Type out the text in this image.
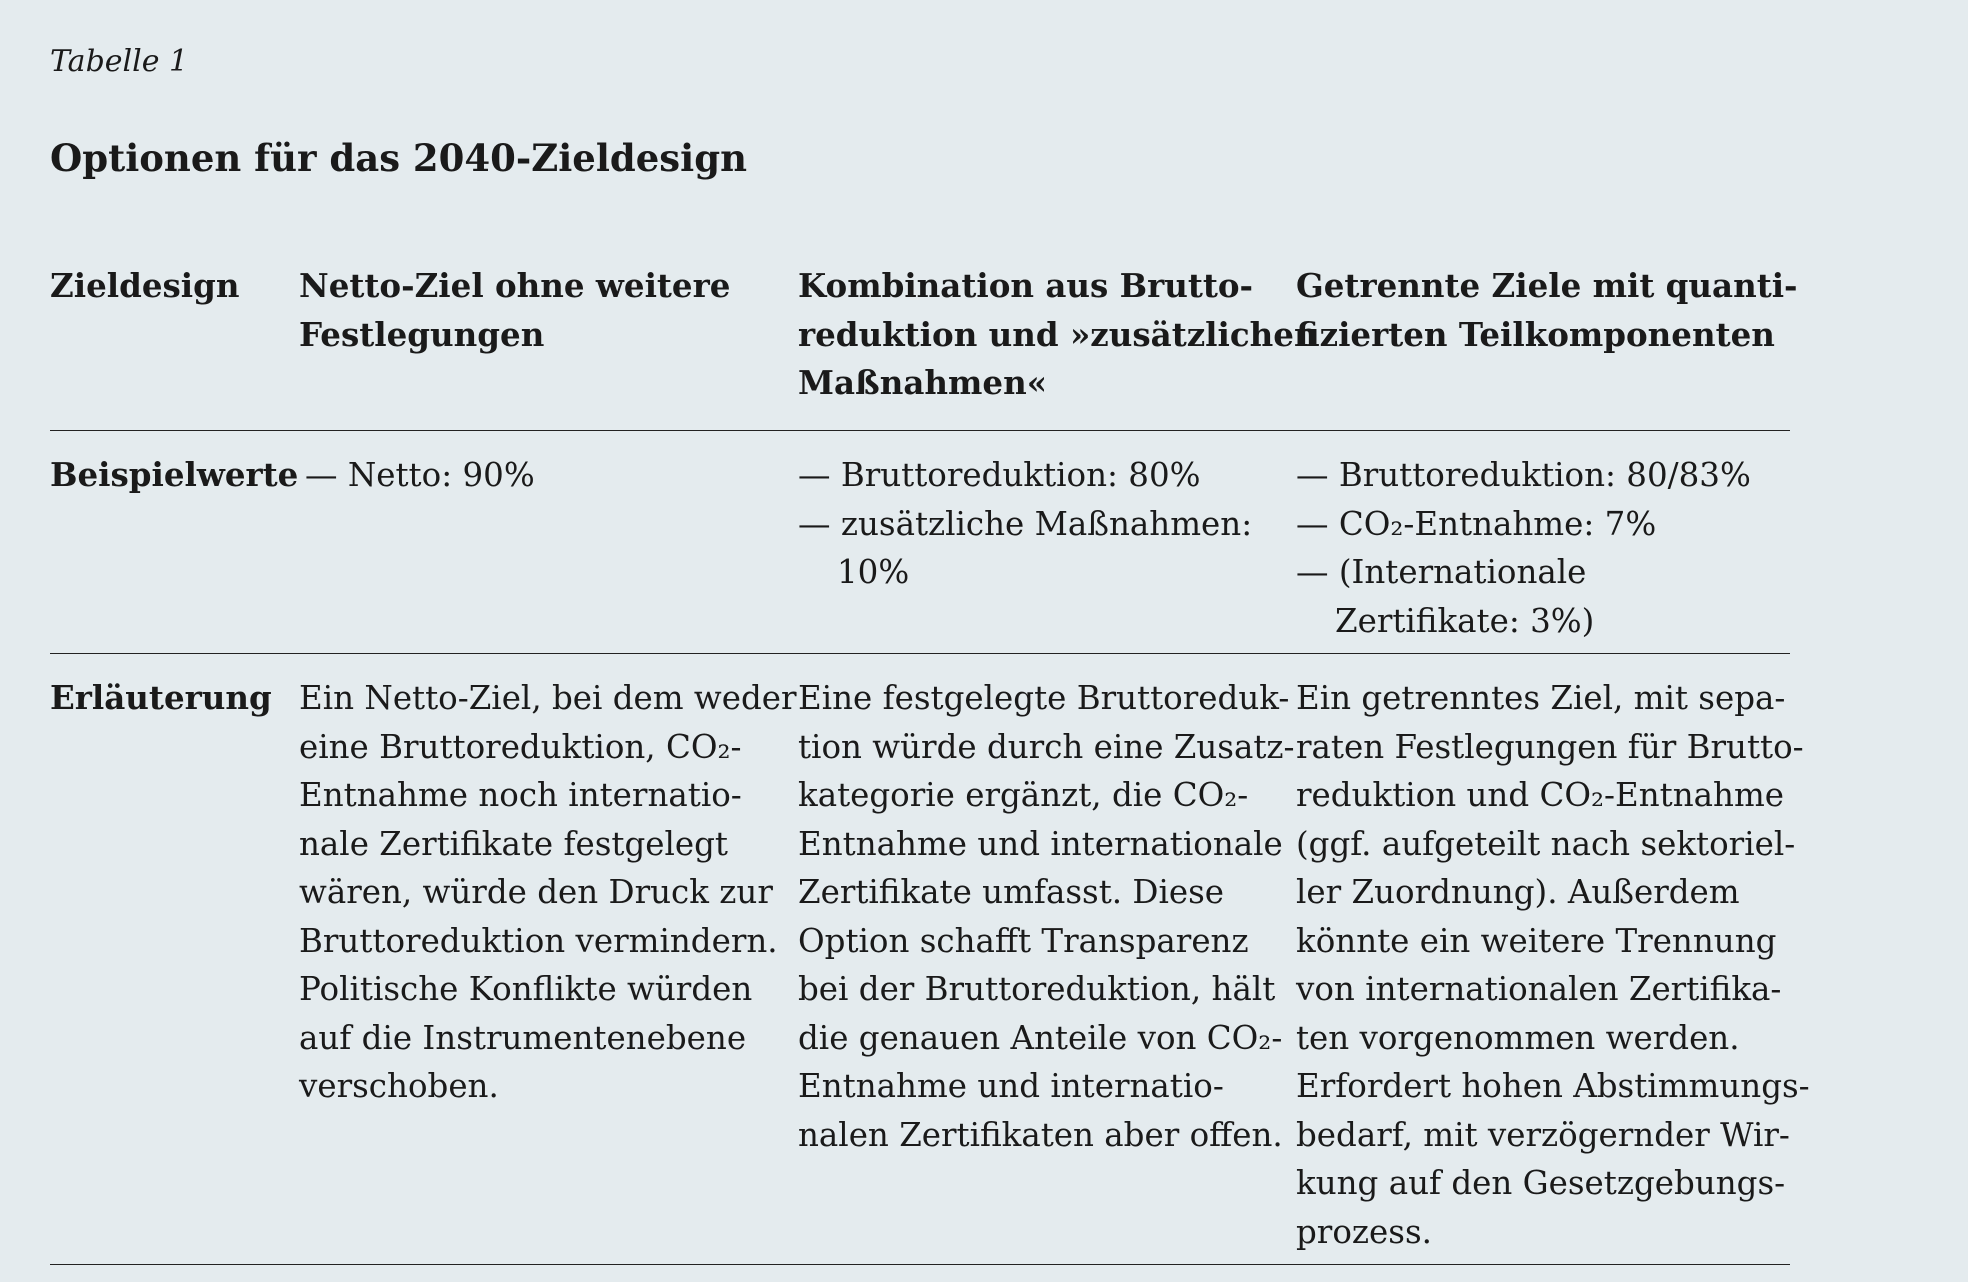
Tabelle 1
Optionen für das 2040-Zieldesign
Zieldesign	Netto-Ziel ohne weitere
Festlegungen
Kombination aus Brutto-
reduktion und »zusätzlichen
Maßnahmen«
Getrennte Ziele mit quanti-
fizierten Teilkomponenten
Beispielwerte — Netto: 90%	— Bruttoreduktion: 80%
— zusätzliche Maßnahmen:
10%
— Bruttoreduktion: 80/83%
— CO₂-Entnahme: 7%
— (Internationale
Zertifikate: 3%)
Erläuterung Ein Netto-Ziel, bei dem weder
eine Bruttoreduktion, CO₂-
Entnahme noch internatio-
nale Zertifikate festgelegt
wären, würde den Druck zur
Bruttoreduktion vermindern.
Politische Konflikte würden
auf die Instrumentenebene
verschoben.
Eine festgelegte Bruttoreduk-
tion würde durch eine Zusatz-
kategorie ergänzt, die CO₂-
Entnahme und internationale
Zertifikate umfasst. Diese
Option schafft Transparenz
bei der Bruttoreduktion, hält
die genauen Anteile von CO₂-
Entnahme und internatio-
nalen Zertifikaten aber offen.
Ein getrenntes Ziel, mit sepa-
raten Festlegungen für Brutto-
reduktion und CO₂-Entnahme
(ggf. aufgeteilt nach sektoriel-
ler Zuordnung). Außerdem
könnte ein weitere Trennung
von internationalen Zertifika-
ten vorgenommen werden.
Erfordert hohen Abstimmungs-
bedarf, mit verzögernder Wir-
kung auf den Gesetzgebungs-
prozess.
